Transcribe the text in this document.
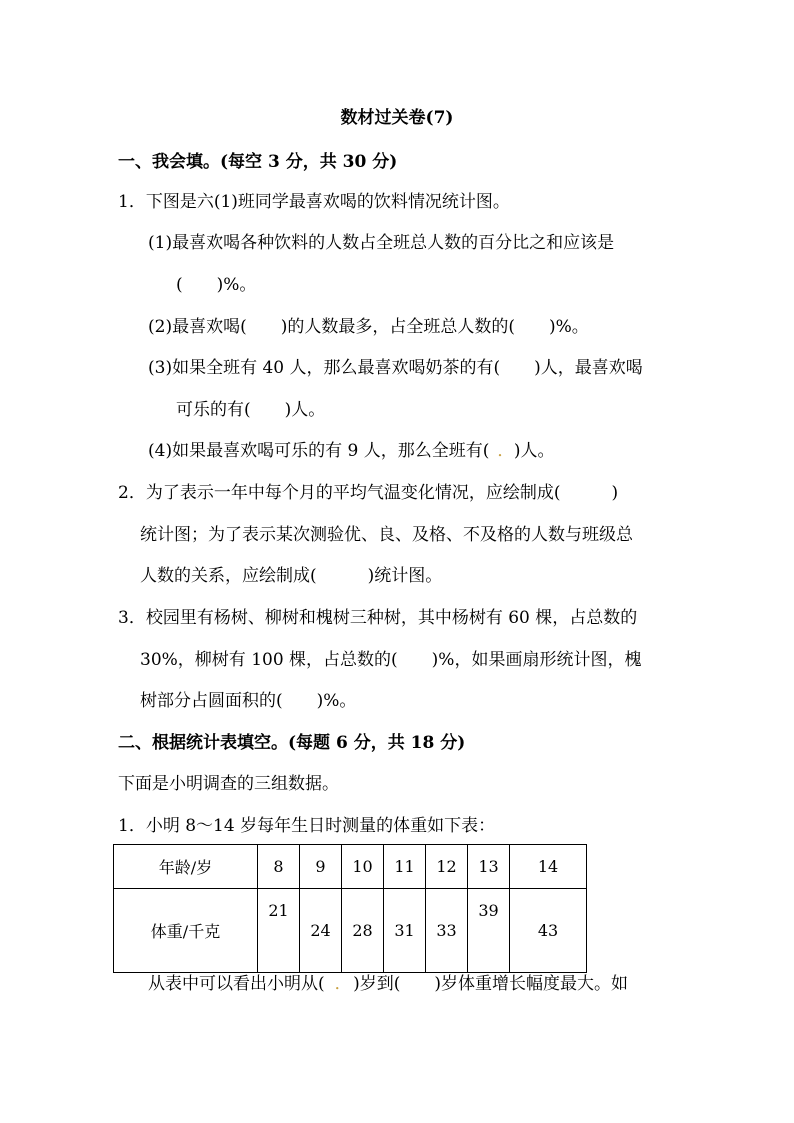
数材过关卷(7)
一、我会填。(每空 3 分，共 30 分)
1．下图是六(1)班同学最喜欢喝的饮料情况统计图。
(1)最喜欢喝各种饮料的人数占全班总人数的百分比之和应该是
(　　)%。
(2)最喜欢喝(　　)的人数最多，占全班总人数的(　　)%。
(3)如果全班有 40 人，那么最喜欢喝奶茶的有(　　)人，最喜欢喝
可乐的有(　　)人。
(4)如果最喜欢喝可乐的有 9 人，那么全班有( ． )人。
2．为了表示一年中每个月的平均气温变化情况，应绘制成(　　　)
统计图；为了表示某次测验优、良、及格、不及格的人数与班级总
人数的关系，应绘制成(　　　)统计图。
3．校园里有杨树、柳树和槐树三种树，其中杨树有 60 棵，占总数的
30%，柳树有 100 棵，占总数的(　　)%，如果画扇形统计图，槐
树部分占圆面积的(　　)%。
二、根据统计表填空。(每题 6 分，共 18 分)
下面是小明调查的三组数据。
1．小明 8～14 岁每年生日时测量的体重如下表：
年龄/岁	8	9	10	11	12	13	14
体重/千克	21	24	28	31	33	39	43
从表中可以看出小明从( ． )岁到(　　)岁体重增长幅度最大。如
